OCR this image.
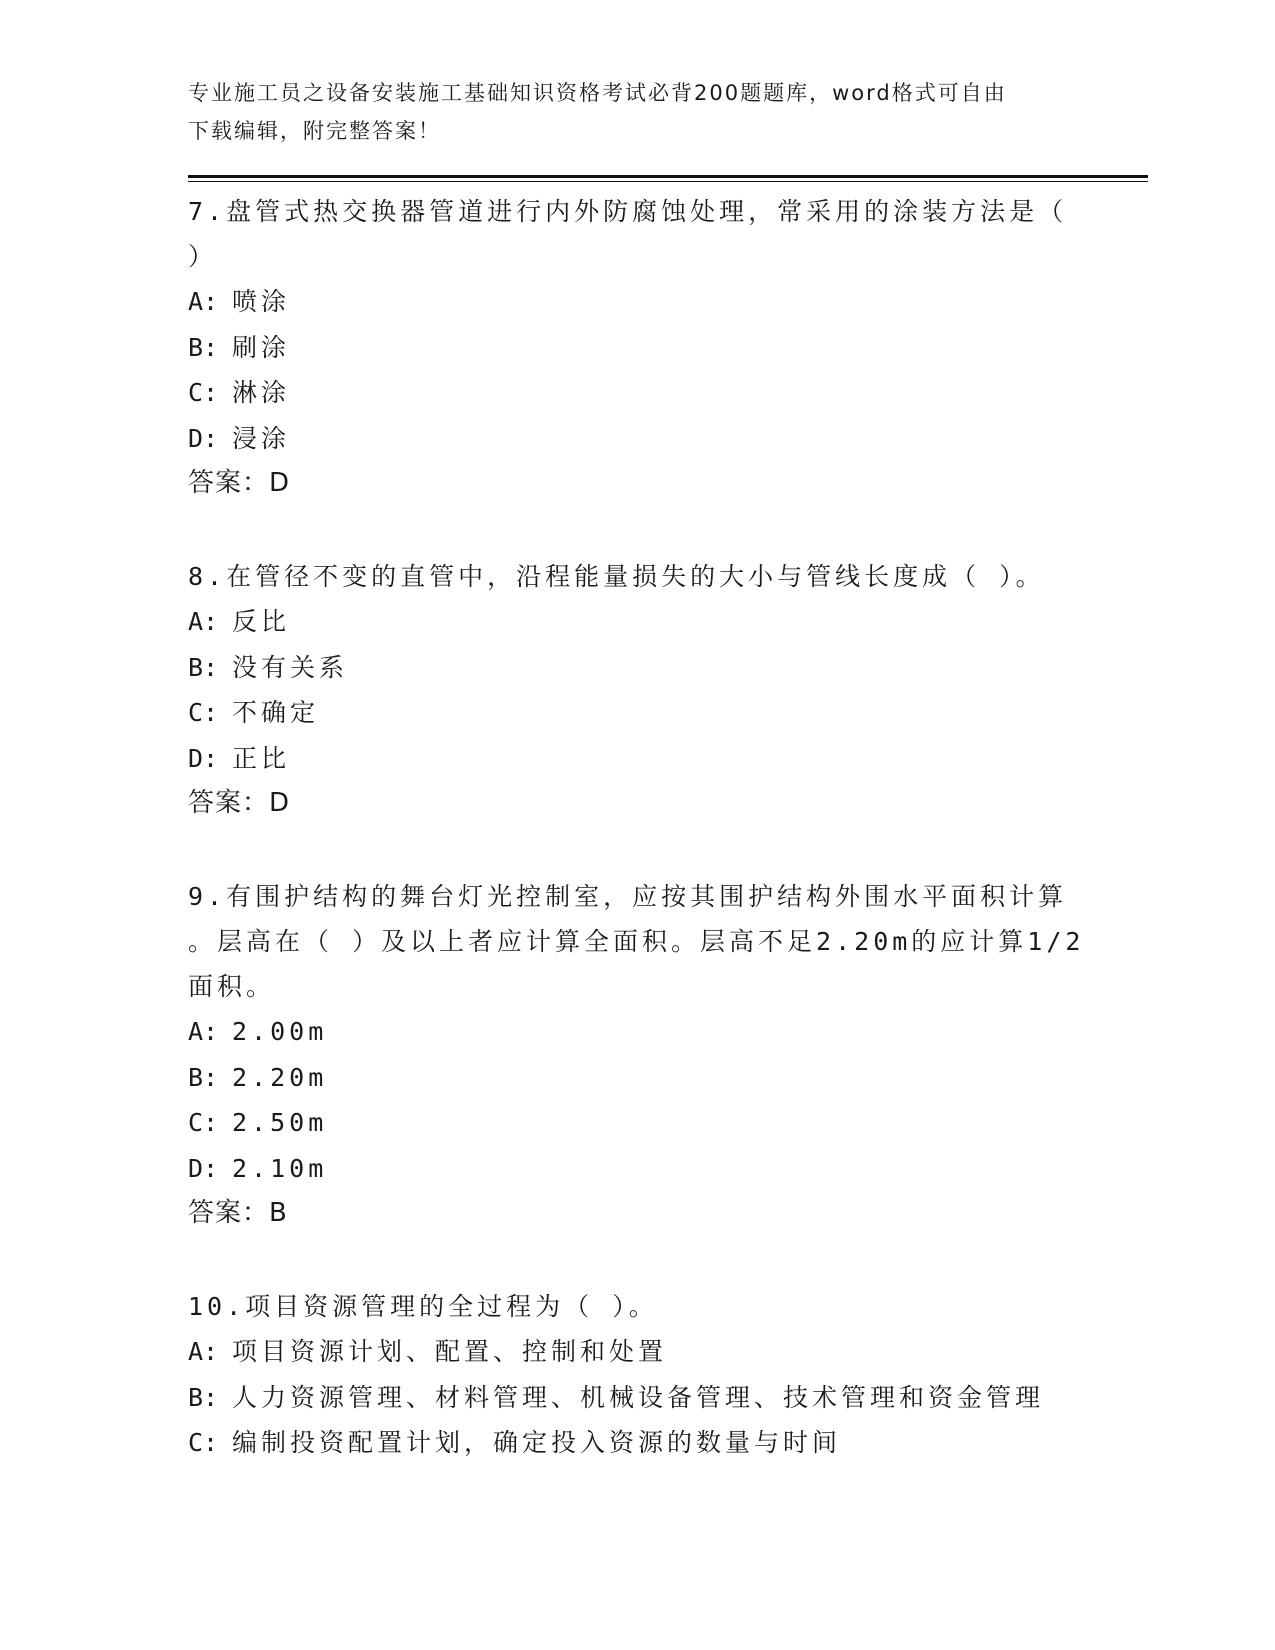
专业施工员之设备安装施工基础知识资格考试必背200题题库，word格式可自由
下载编辑，附完整答案！
7.盘管式热交换器管道进行内外防腐蚀处理，常采用的涂装方法是（
）
A: 喷涂
B: 刷涂
C: 淋涂
D: 浸涂
答案：D
8.在管径不变的直管中，沿程能量损失的大小与管线长度成（ ）。
A: 反比
B: 没有关系
C: 不确定
D: 正比
答案：D
9.有围护结构的舞台灯光控制室，应按其围护结构外围水平面积计算
。层高在（ ）及以上者应计算全面积。层高不足2.20m的应计算1/2
面积。
A: 2.00m
B: 2.20m
C: 2.50m
D: 2.10m
答案：B
10.项目资源管理的全过程为（ ）。
A: 项目资源计划、配置、控制和处置
B: 人力资源管理、材料管理、机械设备管理、技术管理和资金管理
C: 编制投资配置计划，确定投入资源的数量与时间
